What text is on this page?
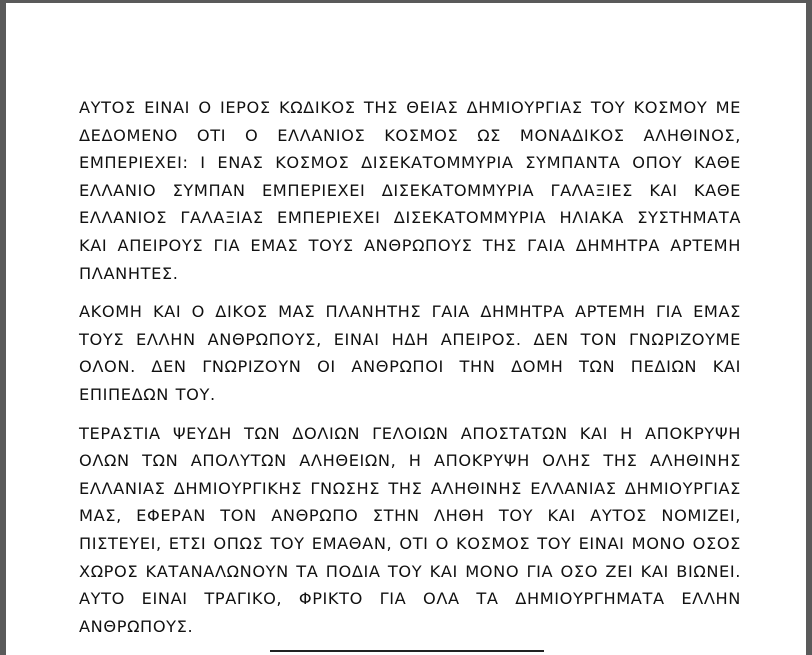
ΑΥΤΟΣ ΕΙΝΑΙ Ο ΙΕΡΟΣ ΚΩΔΙΚΟΣ ΤΗΣ ΘΕΙΑΣ ΔΗΜΙΟΥΡΓΙΑΣ ΤΟΥ ΚΟΣΜΟΥ ΜΕ ΔΕΔΟΜΕΝΟ ΟΤΙ Ο ΕΛΛΑΝΙΟΣ ΚΟΣΜΟΣ ΩΣ ΜΟΝΑΔΙΚΟΣ ΑΛΗΘΙΝΟΣ, ΕΜΠΕΡΙΕΧΕΙ: Ι ΕΝΑΣ ΚΟΣΜΟΣ ΔΙΣΕΚΑΤΟΜΜΥΡΙΑ ΣΥΜΠΑΝΤΑ ΟΠΟΥ ΚΑΘΕ ΕΛΛΑΝΙΟ ΣΥΜΠΑΝ ΕΜΠΕΡΙΕΧΕΙ ΔΙΣΕΚΑΤΟΜΜΥΡΙΑ ΓΑΛΑΞΙΕΣ ΚΑΙ ΚΑΘΕ ΕΛΛΑΝΙΟΣ ΓΑΛΑΞΙΑΣ ΕΜΠΕΡΙΕΧΕΙ ΔΙΣΕΚΑΤΟΜΜΥΡΙΑ ΗΛΙΑΚΑ ΣΥΣΤΗΜΑΤΑ ΚΑΙ ΑΠΕΙΡΟΥΣ ΓΙΑ ΕΜΑΣ ΤΟΥΣ ΑΝΘΡΩΠΟΥΣ ΤΗΣ ΓΑΙΑ ΔΗΜΗΤΡΑ ΑΡΤΕΜΗ ΠΛΑΝΗΤΕΣ.

ΑΚΟΜΗ ΚΑΙ Ο ΔΙΚΟΣ ΜΑΣ ΠΛΑΝΗΤΗΣ ΓΑΙΑ ΔΗΜΗΤΡΑ ΑΡΤΕΜΗ ΓΙΑ ΕΜΑΣ ΤΟΥΣ ΕΛΛΗΝ ΑΝΘΡΩΠΟΥΣ, ΕΙΝΑΙ ΗΔΗ ΑΠΕΙΡΟΣ. ΔΕΝ ΤΟΝ ΓΝΩΡΙΖΟΥΜΕ ΟΛΟΝ. ΔΕΝ ΓΝΩΡΙΖΟΥΝ ΟΙ ΑΝΘΡΩΠΟΙ ΤΗΝ ΔΟΜΗ ΤΩΝ ΠΕΔΙΩΝ ΚΑΙ ΕΠΙΠΕΔΩΝ ΤΟΥ.

ΤΕΡΑΣΤΙΑ ΨΕΥΔΗ ΤΩΝ ΔΟΛΙΩΝ ΓΕΛΟΙΩΝ ΑΠΟΣΤΑΤΩΝ ΚΑΙ Η ΑΠΟΚΡΥΨΗ ΟΛΩΝ ΤΩΝ ΑΠΟΛΥΤΩΝ ΑΛΗΘΕΙΩΝ, Η ΑΠΟΚΡΥΨΗ ΟΛΗΣ ΤΗΣ ΑΛΗΘΙΝΗΣ ΕΛΛΑΝΙΑΣ ΔΗΜΙΟΥΡΓΙΚΗΣ ΓΝΩΣΗΣ ΤΗΣ ΑΛΗΘΙΝΗΣ ΕΛΛΑΝΙΑΣ ΔΗΜΙΟΥΡΓΙΑΣ ΜΑΣ, ΕΦΕΡΑΝ ΤΟΝ ΑΝΘΡΩΠΟ ΣΤΗΝ ΛΗΘΗ ΤΟΥ ΚΑΙ ΑΥΤΟΣ ΝΟΜΙΖΕΙ, ΠΙΣΤΕΥΕΙ, ΕΤΣΙ ΟΠΩΣ ΤΟΥ ΕΜΑΘΑΝ, ΟΤΙ Ο ΚΟΣΜΟΣ ΤΟΥ ΕΙΝΑΙ ΜΟΝΟ ΟΣΟΣ ΧΩΡΟΣ ΚΑΤΑΝΑΛΩΝΟΥΝ ΤΑ ΠΟΔΙΑ ΤΟΥ ΚΑΙ ΜΟΝΟ ΓΙΑ ΟΣΟ ΖΕΙ ΚΑΙ ΒΙΩΝΕΙ. ΑΥΤΟ ΕΙΝΑΙ ΤΡΑΓΙΚΟ, ΦΡΙΚΤΟ ΓΙΑ ΟΛΑ ΤΑ ΔΗΜΙΟΥΡΓΗΜΑΤΑ ΕΛΛΗΝ ΑΝΘΡΩΠΟΥΣ.
